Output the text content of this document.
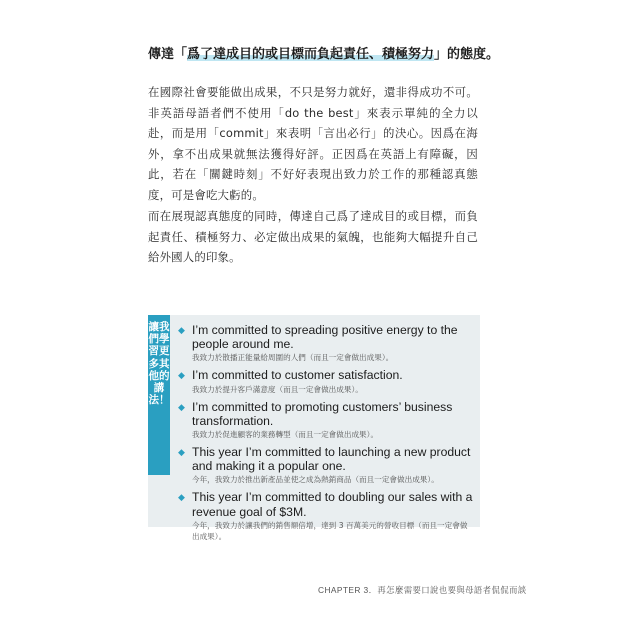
傳達「爲了達成目的或目標而負起責任、積極努力」的態度。
在國際社會要能做出成果，不只是努力就好，還非得成功不可。非英語母語者們不使用「do the best」來表示單純的全力以赴，而是用「commit」來表明「言出必行」的決心。因爲在海外，拿不出成果就無法獲得好評。正因爲在英語上有障礙，因此，若在「關鍵時刻」不好好表現出致力於工作的那種認真態度，可是會吃大虧的。
而在展現認真態度的同時，傳達自己爲了達成目的或目標，而負起責任、積極努力、必定做出成果的氣魄，也能夠大幅提升自己給外國人的印象。
讓我們學習更多其他的講法！
◆ I’m committed to spreading positive energy to the people around me.
我致力於散播正能量給周圍的人們（而且一定會做出成果）。
◆ I’m committed to customer satisfaction.
我致力於提升客戶滿意度（而且一定會做出成果）。
◆ I’m committed to promoting customers’ business transformation.
我致力於促進顧客的業務轉型（而且一定會做出成果）。
◆ This year I’m committed to launching a new product and making it a popular one.
今年，我致力於推出新產品並使之成為熱銷商品（而且一定會做出成果）。
◆ This year I’m committed to doubling our sales with a revenue goal of $3M.
今年，我致力於讓我們的銷售額倍增，達到 3 百萬美元的營收目標（而且一定會做出成果）。
CHAPTER 3．再怎麼需要口說也要與母語者侃侃而談
